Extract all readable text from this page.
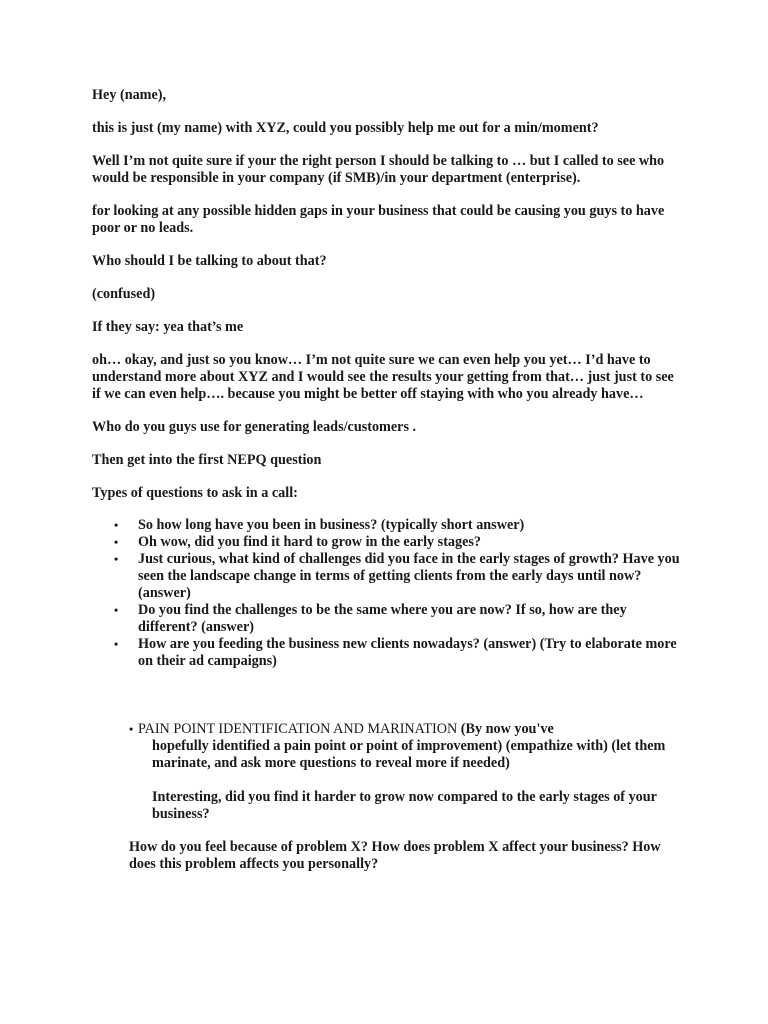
Hey (name),

this is just (my name) with XYZ, could you possibly help me out for a min/moment?

Well I’m not quite sure if your the right person I should be talking to … but I called to see who would be responsible in your company (if SMB)/in your department (enterprise).

for looking at any possible hidden gaps in your business that could be causing you guys to have poor or no leads.

Who should I be talking to about that?

(confused)

If they say: yea that’s me

oh… okay, and just so you know… I’m not quite sure we can even help you yet… I’d have to understand more about XYZ and I would see the results your getting from that… just just to see if we can even help…. because you might be better off staying with who you already have…

Who do you guys use for generating leads/customers .

Then get into the first NEPQ question

Types of questions to ask in a call:

• So how long have you been in business? (typically short answer)
• Oh wow, did you find it hard to grow in the early stages?
• Just curious, what kind of challenges did you face in the early stages of growth? Have you seen the landscape change in terms of getting clients from the early days until now? (answer)
• Do you find the challenges to be the same where you are now? If so, how are they different? (answer)
• How are you feeding the business new clients nowadays? (answer) (Try to elaborate more on their ad campaigns)
• PAIN POINT IDENTIFICATION AND MARINATION (By now you've
hopefully identified a pain point or point of improvement) (empathize with) (let them marinate, and ask more questions to reveal more if needed)
Interesting, did you find it harder to grow now compared to the early stages of your business?

How do you feel because of problem X? How does problem X affect your business? How does this problem affects you personally?
